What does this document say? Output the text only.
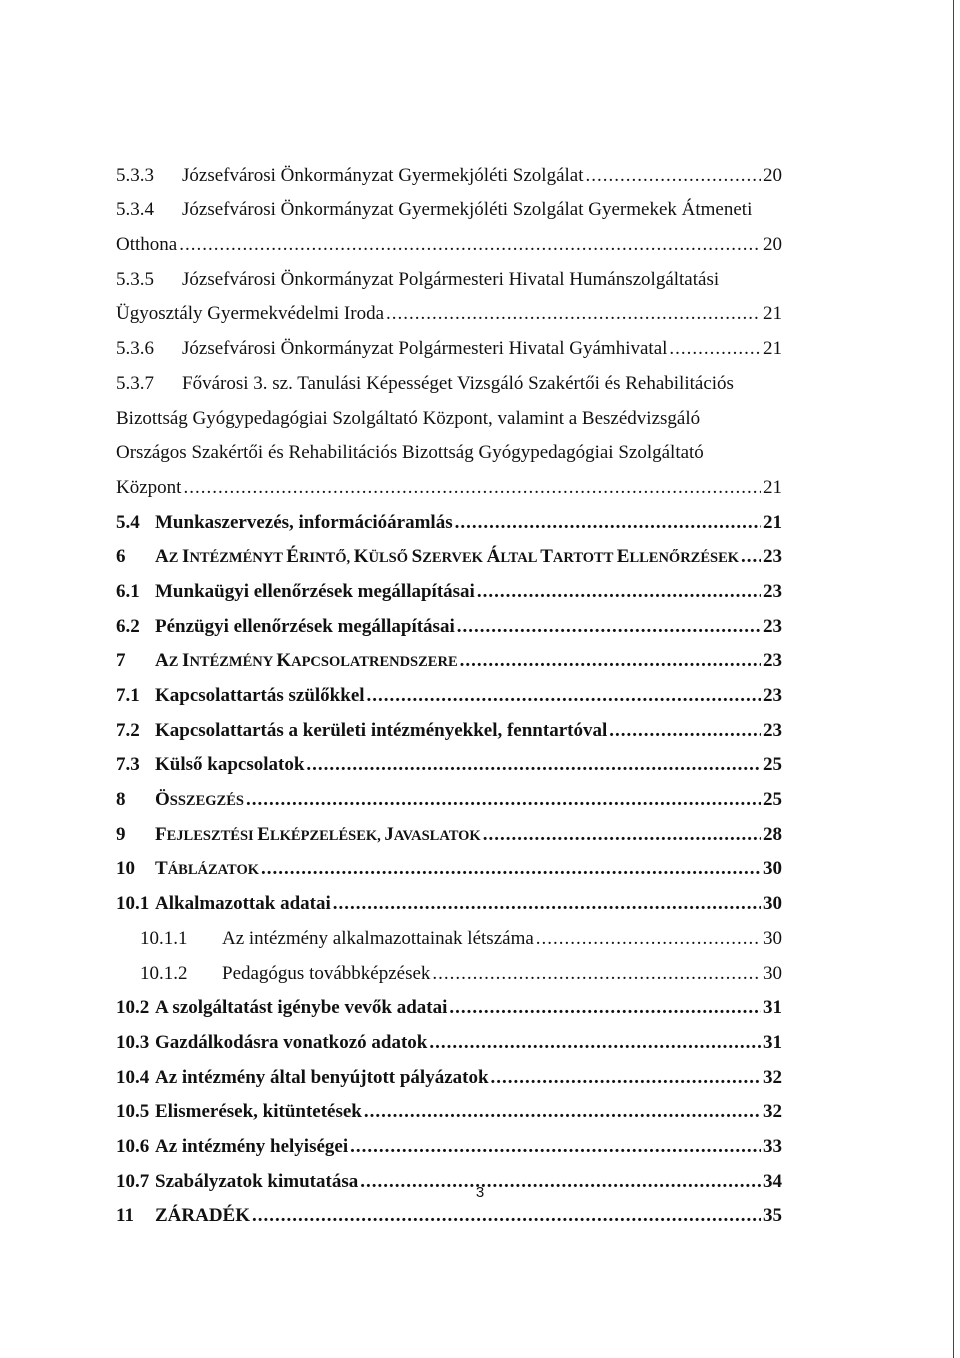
5.3.3	Józsefvárosi Önkormányzat Gyermekjóléti Szolgálat .....	20
5.3.4	Józsefvárosi Önkormányzat Gyermekjóléti Szolgálat Gyermekek Átmeneti
Otthona .....	20
5.3.5	Józsefvárosi Önkormányzat Polgármesteri Hivatal Humánszolgáltatási
Ügyosztály Gyermekvédelmi Iroda .....	21
5.3.6	Józsefvárosi Önkormányzat Polgármesteri Hivatal Gyámhivatal .....	21
5.3.7	Fővárosi 3. sz. Tanulási Képességet Vizsgáló Szakértői és Rehabilitációs
Bizottság Gyógypedagógiai Szolgáltató Központ, valamint a Beszédvizsgáló
Országos Szakértői és Rehabilitációs Bizottság Gyógypedagógiai Szolgáltató
Központ .....	21
5.4 Munkaszervezés, információáramlás .....	21
6	AZ INTÉZMÉNYT ÉRINTŐ, KÜLSŐ SZERVEK ÁLTAL TARTOTT ELLENŐRZÉSEK ..... 23
6.1 Munkaügyi ellenőrzések megállapításai .....	23
6.2 Pénzügyi ellenőrzések megállapításai .....	23
7	AZ INTÉZMÉNY KAPCSOLATRENDSZERE .....	23
7.1 Kapcsolattartás szülőkkel .....	23
7.2 Kapcsolattartás a kerületi intézményekkel, fenntartóval .....	23
7.3 Külső kapcsolatok .....	25
8	ÖSSZEGZÉS .....	25
9	FEJLESZTÉSI ELKÉPZELÉSEK, JAVASLATOK .....	28
10	TÁBLÁZATOK .....	30
10.1 Alkalmazottak adatai .....	30
10.1.1	Az intézmény alkalmazottainak létszáma .....	30
10.1.2	Pedagógus továbbképzések .....	30
10.2 A szolgáltatást igénybe vevők adatai .....	31
10.3 Gazdálkodásra vonatkozó adatok .....	31
10.4 Az intézmény által benyújtott pályázatok .....	32
10.5 Elismerések, kitüntetések .....	32
10.6 Az intézmény helyiségei .....	33
10.7 Szabályzatok kimutatása .....	34
11	ZÁRADÉK .....	35
3
